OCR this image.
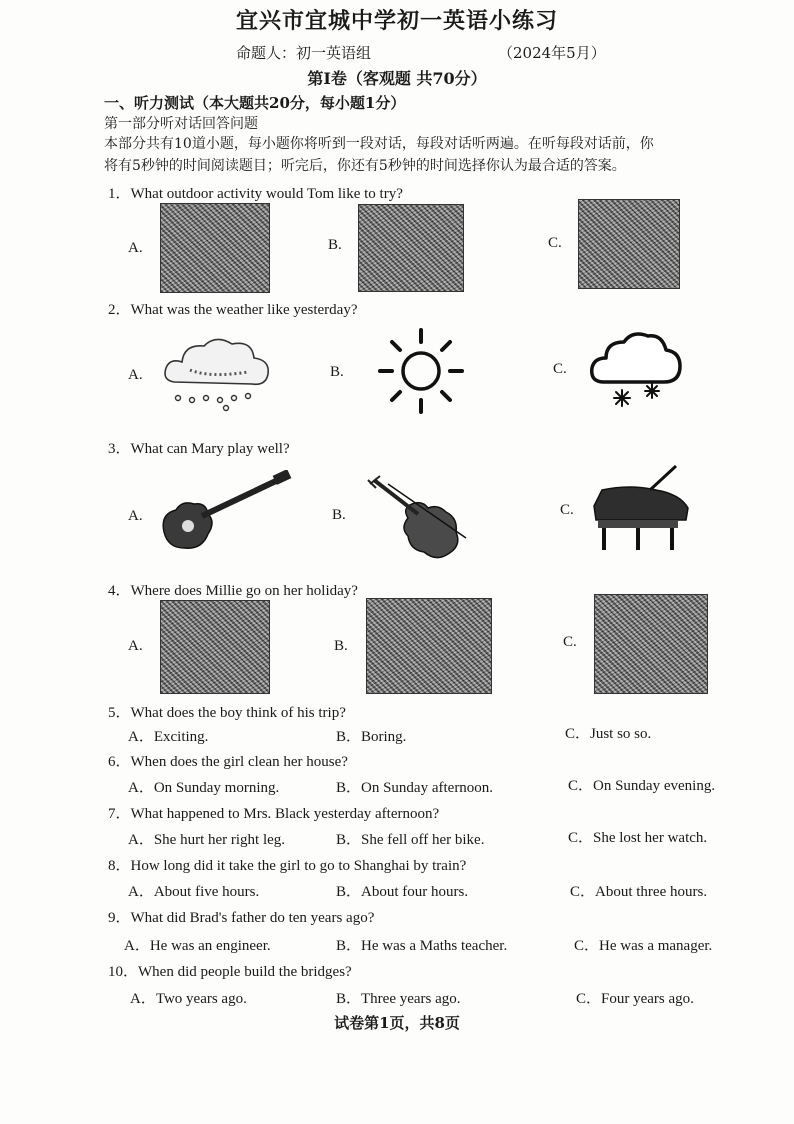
宜兴市宜城中学初一英语小练习
命题人：初一英语组	（2024年5月）
第Ⅰ卷（客观题 共70分）
一、听力测试（本大题共20分，每小题1分）
第一部分听对话回答问题
本部分共有10道小题，每小题你将听到一段对话，每段对话听两遍。在听每段对话前，你
将有5秒钟的时间阅读题目；听完后，你还有5秒钟的时间选择你认为最合适的答案。
1．What outdoor activity would Tom like to try?
A.	B.	C.
2．What was the weather like yesterday?
A.	B.	C.
3．What can Mary play well?
A.	B.	C.
4．Where does Millie go on her holiday?
A.	B.	C.
5．What does the boy think of his trip?
A．Exciting.	B．Boring.	C．Just so so.
6．When does the girl clean her house?
A．On Sunday morning.	B．On Sunday afternoon.	C．On Sunday evening.
7．What happened to Mrs. Black yesterday afternoon?
A．She hurt her right leg.	B．She fell off her bike.	C．She lost her watch.
8．How long did it take the girl to go to Shanghai by train?
A．About five hours.	B．About four hours.	C．About three hours.
9．What did Brad's father do ten years ago?
A．He was an engineer.	B．He was a Maths teacher.	C．He was a manager.
10．When did people build the bridges?
A．Two years ago.	B．Three years ago.	C．Four years ago.
试卷第1页，共8页
